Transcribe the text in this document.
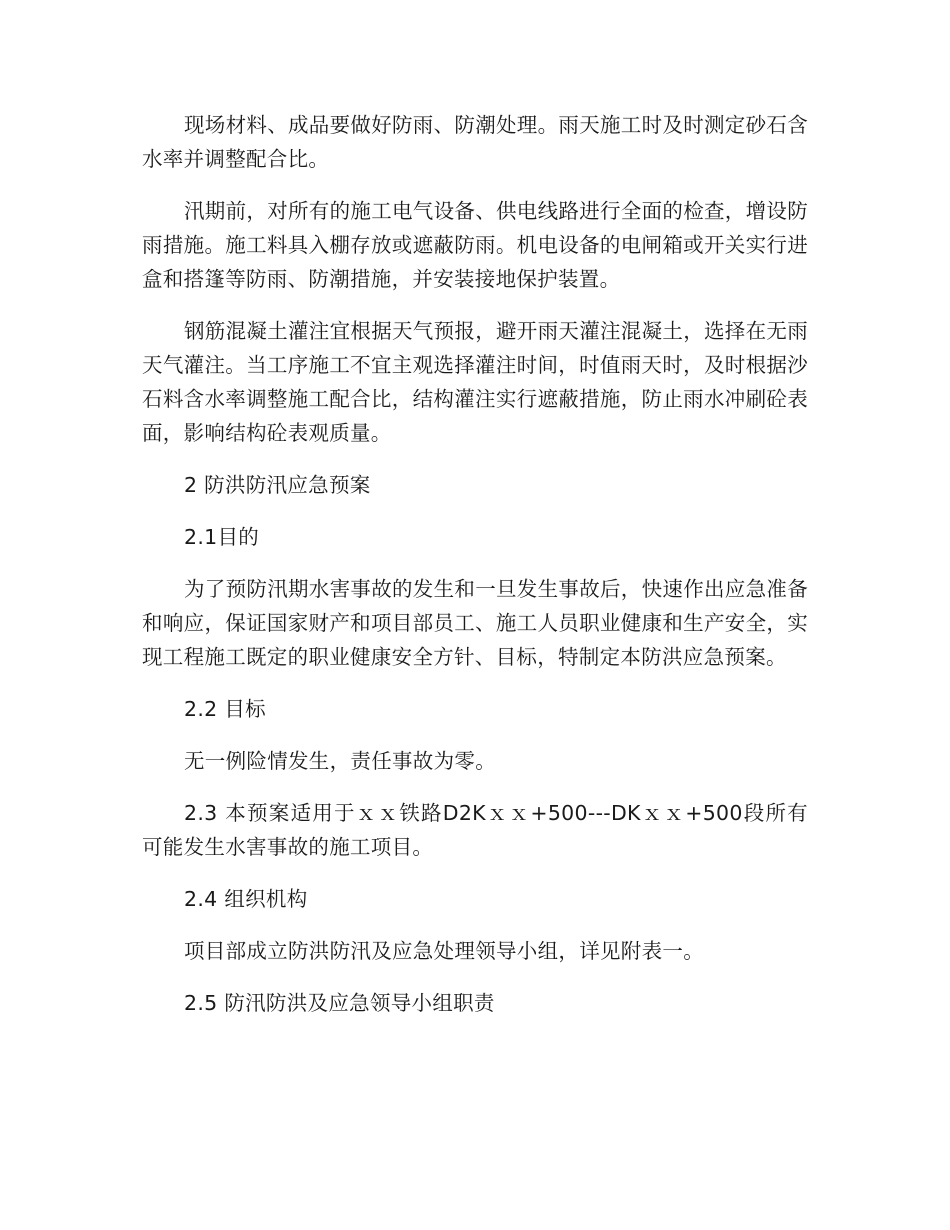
现场材料、成品要做好防雨、防潮处理。雨天施工时及时测定砂石含水率并调整配合比。

汛期前，对所有的施工电气设备、供电线路进行全面的检查，增设防雨措施。施工料具入棚存放或遮蔽防雨。机电设备的电闸箱或开关实行进盒和搭篷等防雨、防潮措施，并安装接地保护装置。

钢筋混凝土灌注宜根据天气预报，避开雨天灌注混凝土，选择在无雨天气灌注。当工序施工不宜主观选择灌注时间，时值雨天时，及时根据沙石料含水率调整施工配合比，结构灌注实行遮蔽措施，防止雨水冲刷砼表面，影响结构砼表观质量。

2 防洪防汛应急预案

2.1目的

为了预防汛期水害事故的发生和一旦发生事故后，快速作出应急准备和响应，保证国家财产和项目部员工、施工人员职业健康和生产安全，实现工程施工既定的职业健康安全方针、目标，特制定本防洪应急预案。

2.2 目标

无一例险情发生，责任事故为零。

2.3 本预案适用于ｘｘ铁路D2Kｘｘ+500---DKｘｘ+500段所有可能发生水害事故的施工项目。

2.4 组织机构

项目部成立防洪防汛及应急处理领导小组，详见附表一。

2.5 防汛防洪及应急领导小组职责
